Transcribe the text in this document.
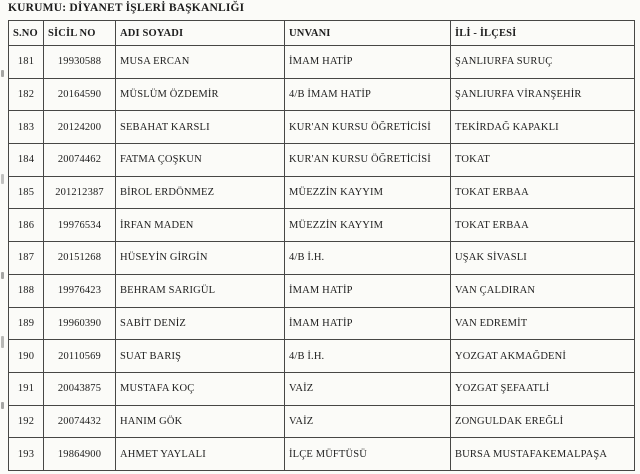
KURUMU: DİYANET İŞLERİ BAŞKANLIĞI
S.NO	SİCİL NO	ADI SOYADI	UNVANI	İLİ - İLÇESİ
181	19930588	MUSA ERCAN	İMAM HATİP	ŞANLIURFA SURUÇ
182	20164590	MÜSLÜM ÖZDEMİR	4/B İMAM HATİP	ŞANLIURFA VİRANŞEHİR
183	20124200	SEBAHAT KARSLI	KUR'AN KURSU ÖĞRETİCİSİ	TEKİRDAĞ KAPAKLI
184	20074462	FATMA ÇOŞKUN	KUR'AN KURSU ÖĞRETİCİSİ	TOKAT
185	201212387	BİROL ERDÖNMEZ	MÜEZZİN KAYYIM	TOKAT ERBAA
186	19976534	İRFAN MADEN	MÜEZZİN KAYYIM	TOKAT ERBAA
187	20151268	HÜSEYİN GİRGİN	4/B İ.H.	UŞAK SİVASLI
188	19976423	BEHRAM SARIGÜL	İMAM HATİP	VAN ÇALDIRAN
189	19960390	SABİT DENİZ	İMAM HATİP	VAN EDREMİT
190	20110569	SUAT BARIŞ	4/B İ.H.	YOZGAT AKMAĞDENİ
191	20043875	MUSTAFA KOÇ	VAİZ	YOZGAT ŞEFAATLİ
192	20074432	HANIM GÖK	VAİZ	ZONGULDAK EREĞLİ
193	19864900	AHMET YAYLALI	İLÇE MÜFTÜSÜ	BURSA MUSTAFAKEMALPAŞA
